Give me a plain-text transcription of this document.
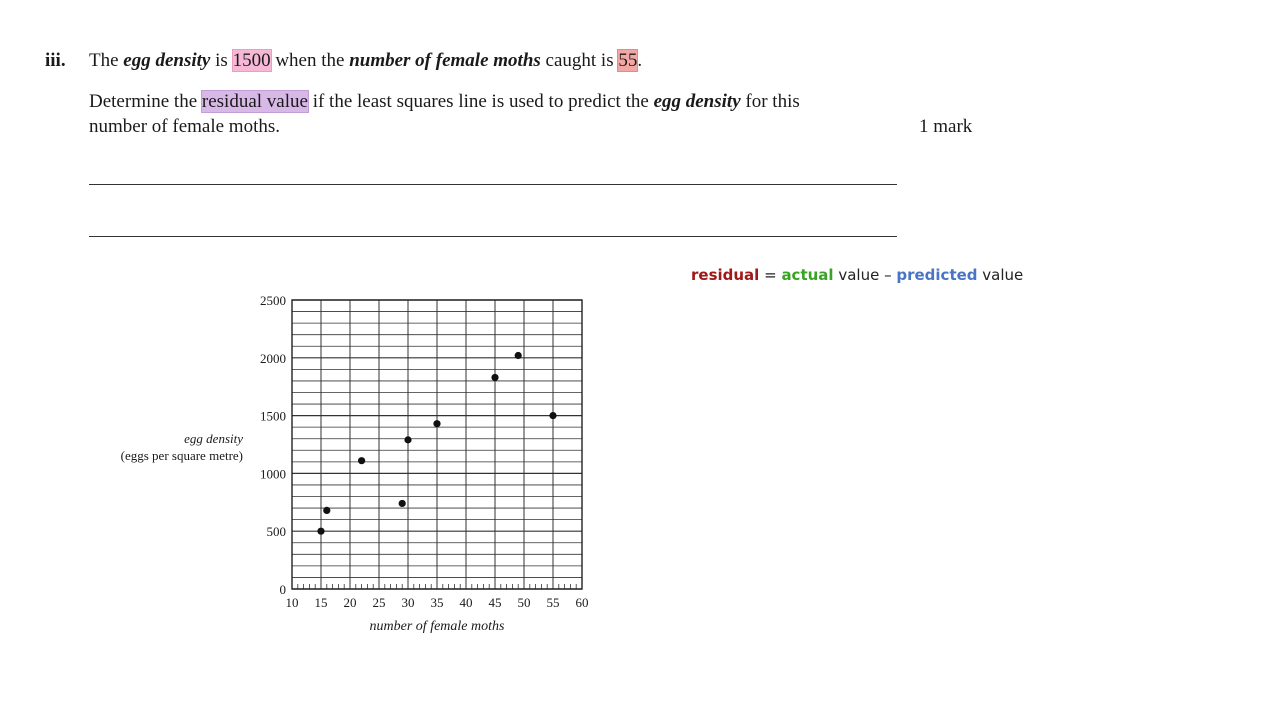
iii. The egg density is 1500 when the number of female moths caught is 55.
Determine the residual value if the least squares line is used to predict the egg density for this
number of female moths.	1 mark
residual = actual value – predicted value
egg density
(eggs per square metre)
number of female moths
10 15 20 25 30 35 40 45 50 55 60
0
500
1000
1500
2000
2500
